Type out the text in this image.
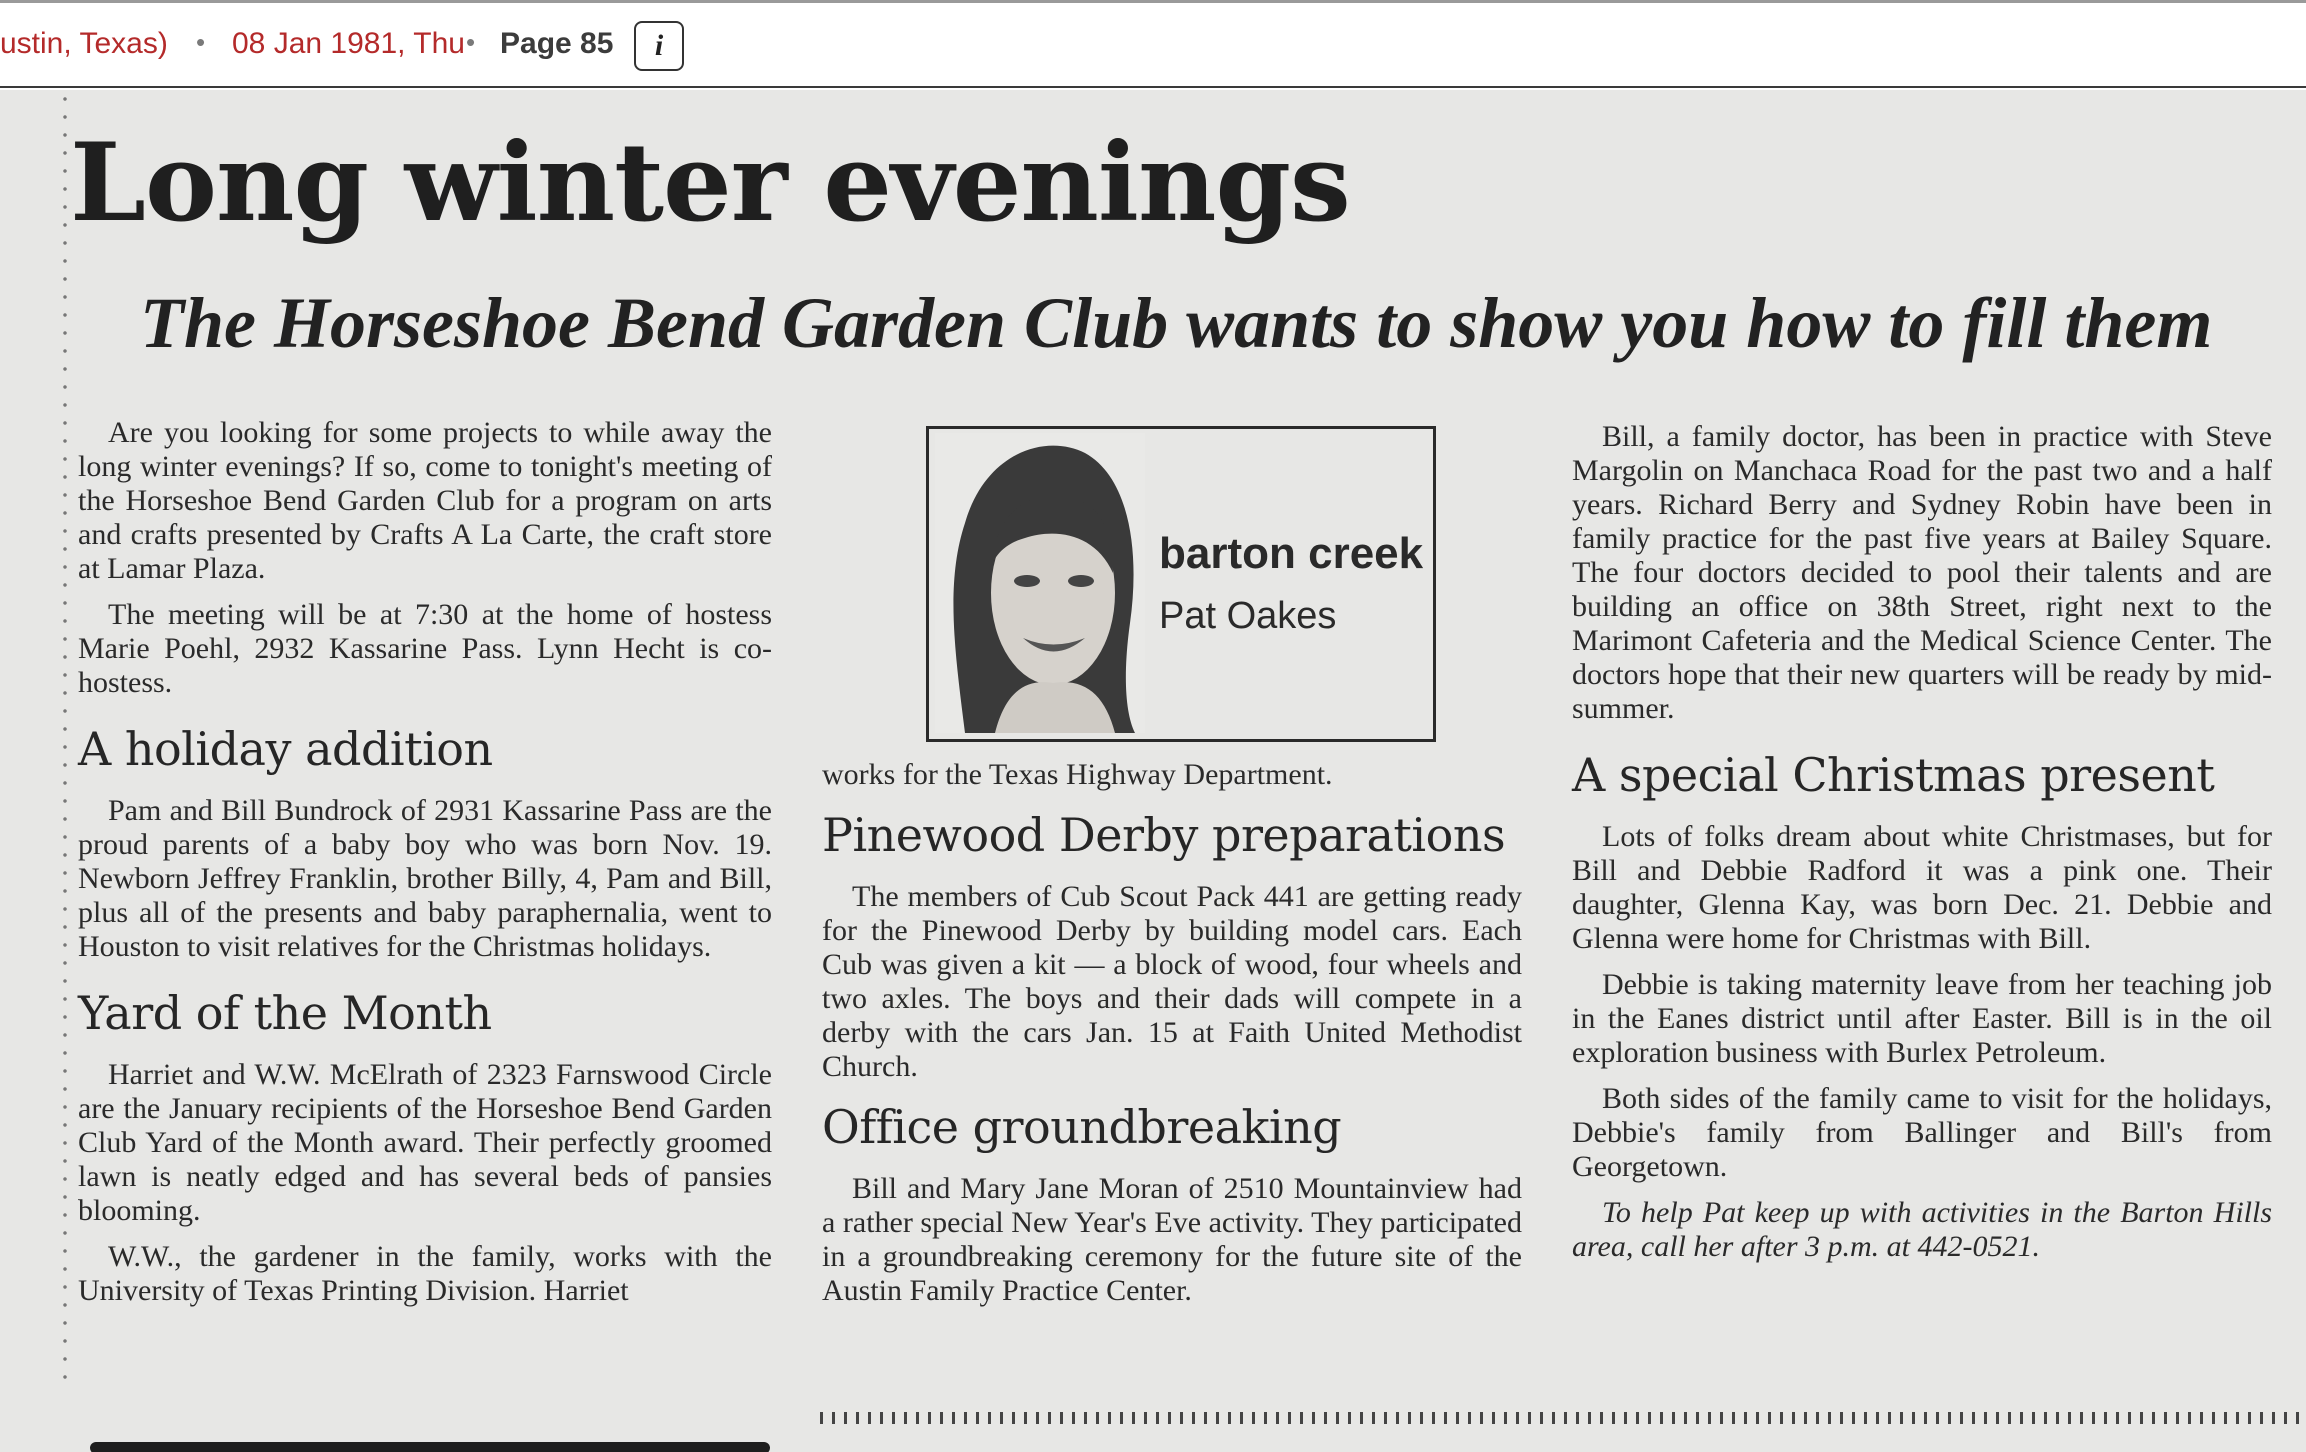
ustin, Texas) • 08 Jan 1981, Thu • Page 85 i
Long winter evenings
The Horseshoe Bend Garden Club wants to show you how to fill them

Are you looking for some projects to while away the long winter evenings? If so, come to tonight's meeting of the Horseshoe Bend Garden Club for a program on arts and crafts presented by Crafts A La Carte, the craft store at Lamar Plaza.

The meeting will be at 7:30 at the home of hostess Marie Poehl, 2932 Kassarine Pass. Lynn Hecht is co-hostess.

A holiday addition

Pam and Bill Bundrock of 2931 Kassarine Pass are the proud parents of a baby boy who was born Nov. 19. Newborn Jeffrey Franklin, brother Billy, 4, Pam and Bill, plus all of the presents and baby paraphernalia, went to Houston to visit relatives for the Christmas holidays.

Yard of the Month

Harriet and W.W. McElrath of 2323 Farnswood Circle are the January recipients of the Horseshoe Bend Garden Club Yard of the Month award. Their perfectly groomed lawn is neatly edged and has several beds of pansies blooming.

W.W., the gardener in the family, works with the University of Texas Printing Division. Harriet

barton creek
Pat Oakes

works for the Texas Highway Department.

Pinewood Derby preparations

The members of Cub Scout Pack 441 are getting ready for the Pinewood Derby by building model cars. Each Cub was given a kit — a block of wood, four wheels and two axles. The boys and their dads will compete in a derby with the cars Jan. 15 at Faith United Methodist Church.

Office groundbreaking

Bill and Mary Jane Moran of 2510 Mountainview had a rather special New Year's Eve activity. They participated in a groundbreaking ceremony for the future site of the Austin Family Practice Center.

Bill, a family doctor, has been in practice with Steve Margolin on Manchaca Road for the past two and a half years. Richard Berry and Sydney Robin have been in family practice for the past five years at Bailey Square. The four doctors decided to pool their talents and are building an office on 38th Street, right next to the Marimont Cafeteria and the Medical Science Center. The doctors hope that their new quarters will be ready by mid-summer.

A special Christmas present

Lots of folks dream about white Christmases, but for Bill and Debbie Radford it was a pink one. Their daughter, Glenna Kay, was born Dec. 21. Debbie and Glenna were home for Christmas with Bill.

Debbie is taking maternity leave from her teaching job in the Eanes district until after Easter. Bill is in the oil exploration business with Burlex Petroleum.

Both sides of the family came to visit for the holidays, Debbie's family from Ballinger and Bill's from Georgetown.

To help Pat keep up with activities in the Barton Hills area, call her after 3 p.m. at 442-0521.
